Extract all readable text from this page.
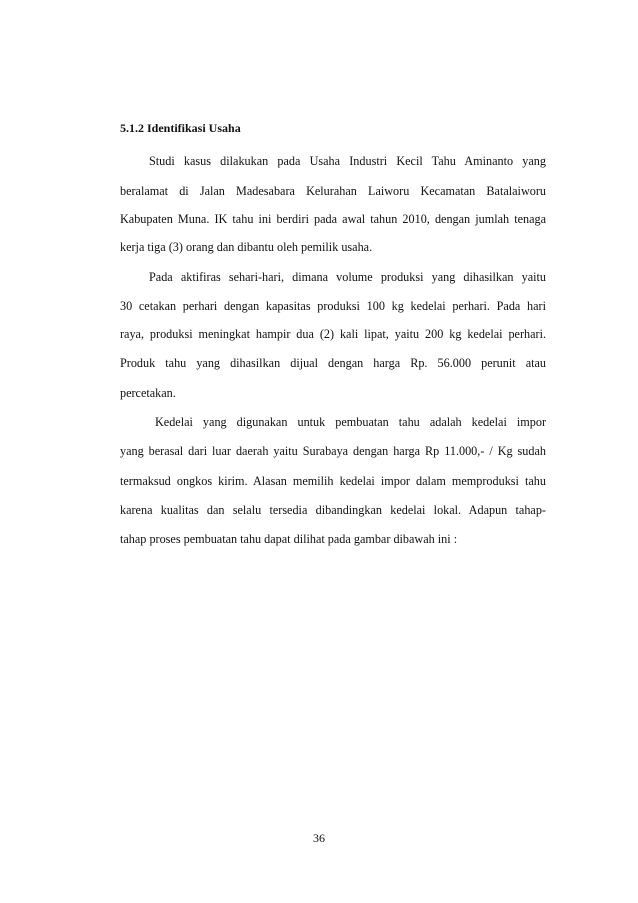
5.1.2 Identifikasi Usaha
Studi kasus dilakukan pada Usaha Industri Kecil Tahu Aminanto yang
beralamat di Jalan Madesabara Kelurahan Laiworu Kecamatan Batalaiworu
Kabupaten Muna. IK tahu ini berdiri pada awal tahun 2010, dengan jumlah tenaga
kerja tiga (3) orang dan dibantu oleh pemilik usaha.
Pada aktifiras sehari-hari, dimana volume produksi yang dihasilkan yaitu
30 cetakan perhari dengan kapasitas produksi 100 kg kedelai perhari. Pada hari
raya, produksi meningkat hampir dua (2) kali lipat, yaitu 200 kg kedelai perhari.
Produk tahu yang dihasilkan dijual dengan harga Rp. 56.000 perunit atau
percetakan.
Kedelai yang digunakan untuk pembuatan tahu adalah kedelai impor
yang berasal dari luar daerah yaitu Surabaya dengan harga Rp 11.000,- / Kg sudah
termaksud ongkos kirim. Alasan memilih kedelai impor dalam memproduksi tahu
karena kualitas dan selalu tersedia dibandingkan kedelai lokal. Adapun tahap-
tahap proses pembuatan tahu dapat dilihat pada gambar dibawah ini :
36
